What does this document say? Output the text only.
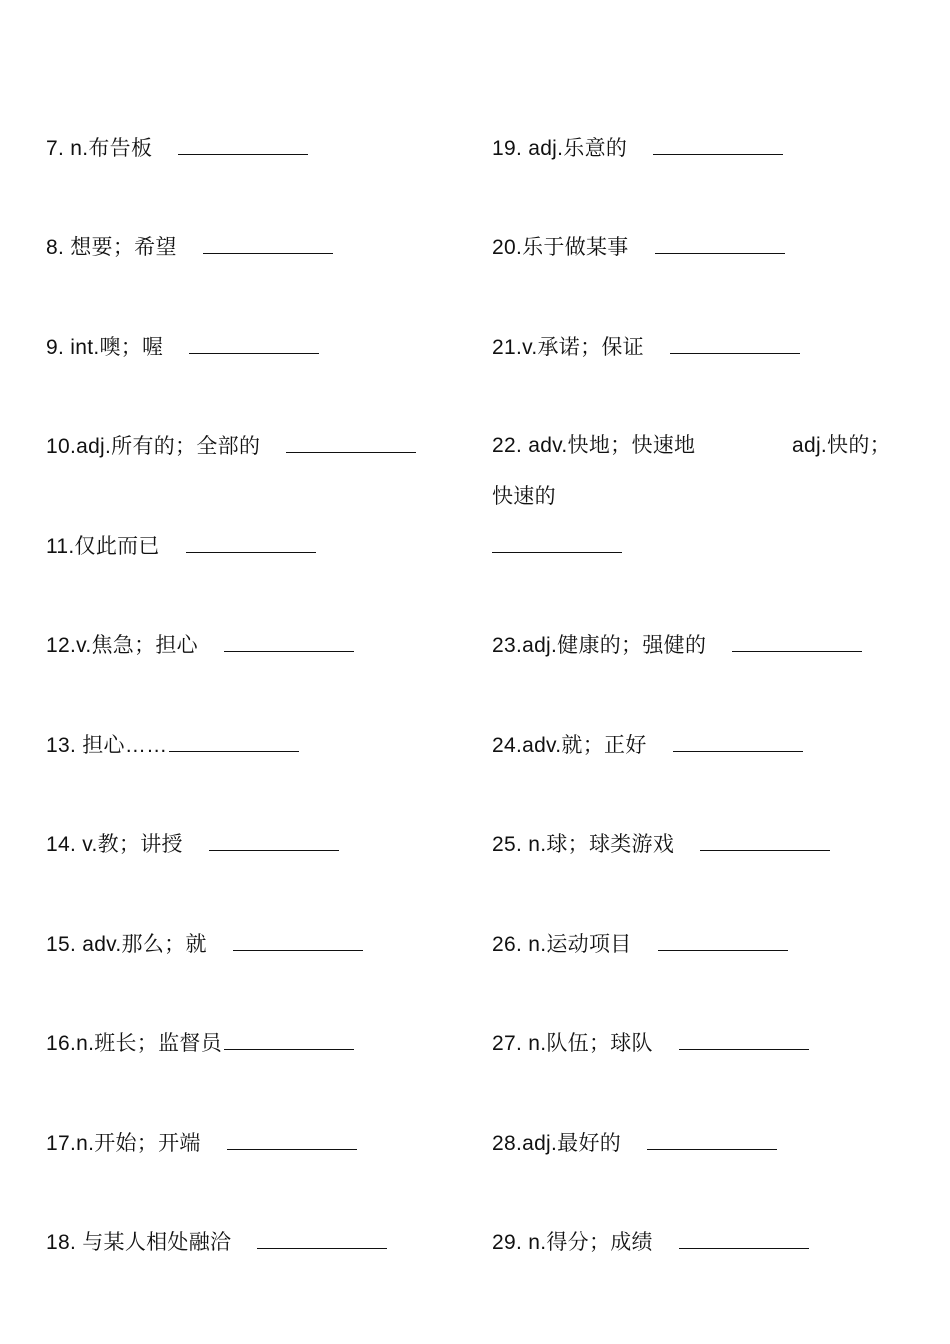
7. n.布告板
8. 想要；希望
9. int.噢；喔
10.adj.所有的；全部的
11.仅此而已
12.v.焦急；担心
13. 担心……
14. v.教；讲授
15. adv.那么；就
16.n.班长；监督员
17.n.开始；开端
18. 与某人相处融洽
19. adj.乐意的
20.乐于做某事
21.v.承诺；保证
22. adv.快地；快速地	adj.快的；
快速的
23.adj.健康的；强健的
24.adv.就；正好
25. n.球；球类游戏
26. n.运动项目
27. n.队伍；球队
28.adj.最好的
29. n.得分；成绩
